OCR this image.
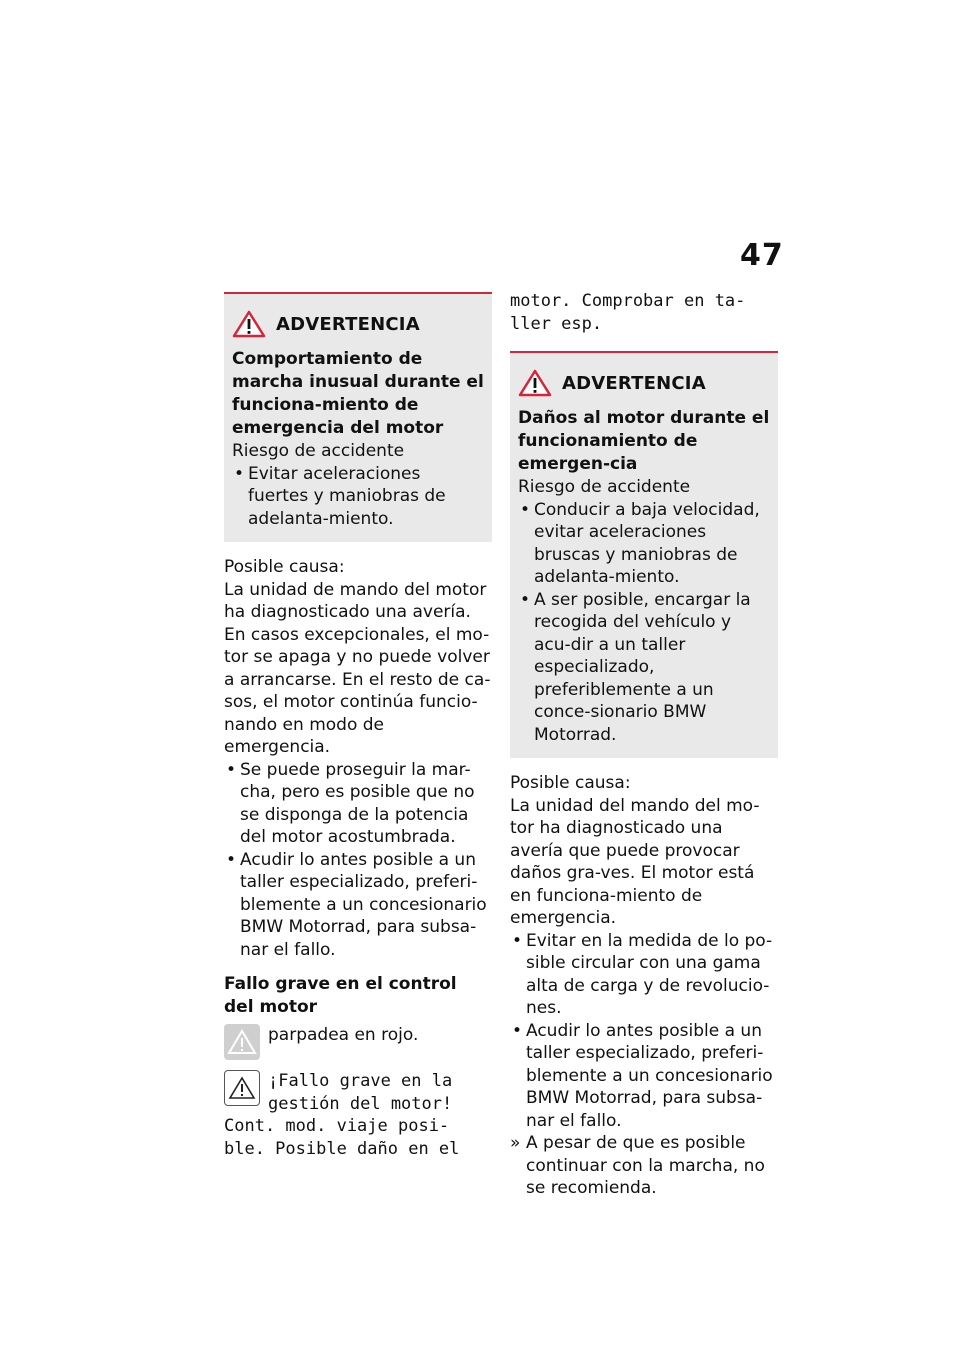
47
ADVERTENCIA
Comportamiento de marcha inusual durante el funciona-miento de emergencia del motor
Riesgo de accidente
• Evitar aceleraciones fuertes y maniobras de adelanta-miento.
Posible causa:
La unidad de mando del motor ha diagnosticado una avería. En casos excepcionales, el mo-tor se apaga y no puede volver a arrancarse. En el resto de ca-sos, el motor continúa funcio-nando en modo de emergencia.
• Se puede proseguir la mar-cha, pero es posible que no se disponga de la potencia del motor acostumbrada.
• Acudir lo antes posible a un taller especializado, preferi-blemente a un concesionario BMW Motorrad, para subsa-nar el fallo.
Fallo grave en el control del motor
parpadea en rojo.
¡Fallo grave en la
gestión del motor!
Cont. mod. viaje posi-
ble. Posible daño en el
motor. Comprobar en ta-ller esp.
ADVERTENCIA
Daños al motor durante el funcionamiento de emergen-cia
Riesgo de accidente
• Conducir a baja velocidad, evitar aceleraciones bruscas y maniobras de adelanta-miento.
• A ser posible, encargar la recogida del vehículo y acu-dir a un taller especializado, preferiblemente a un conce-sionario BMW Motorrad.
Posible causa:
La unidad del mando del mo-tor ha diagnosticado una avería que puede provocar daños gra-ves. El motor está en funciona-miento de emergencia.
• Evitar en la medida de lo po-sible circular con una gama alta de carga y de revolucio-nes.
• Acudir lo antes posible a un taller especializado, preferi-blemente a un concesionario BMW Motorrad, para subsa-nar el fallo.
» A pesar de que es posible continuar con la marcha, no se recomienda.
